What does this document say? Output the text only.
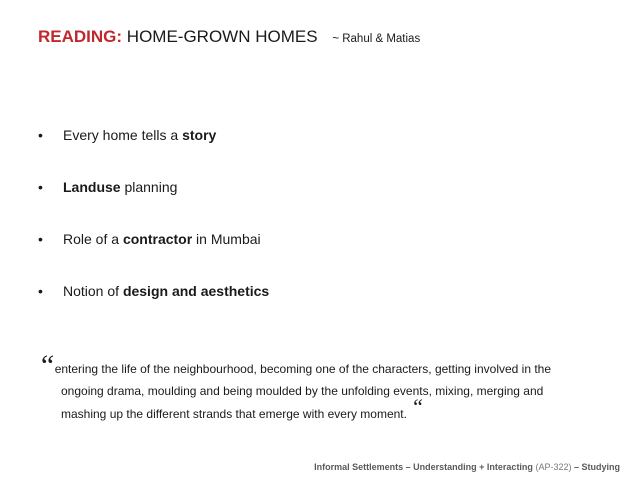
READING: HOME-GROWN HOMES ~ Rahul & Matias
•	Every home tells a story
•	Landuse planning
•	Role of a contractor in Mumbai
•	Notion of design and aesthetics
“entering the life of the neighbourhood, becoming one of the characters, getting involved in the
ongoing drama, moulding and being moulded by the unfolding events, mixing, merging and
mashing up the different strands that emerge with every moment. “
Informal Settlements – Understanding + Interacting (AP-322) – Studying
